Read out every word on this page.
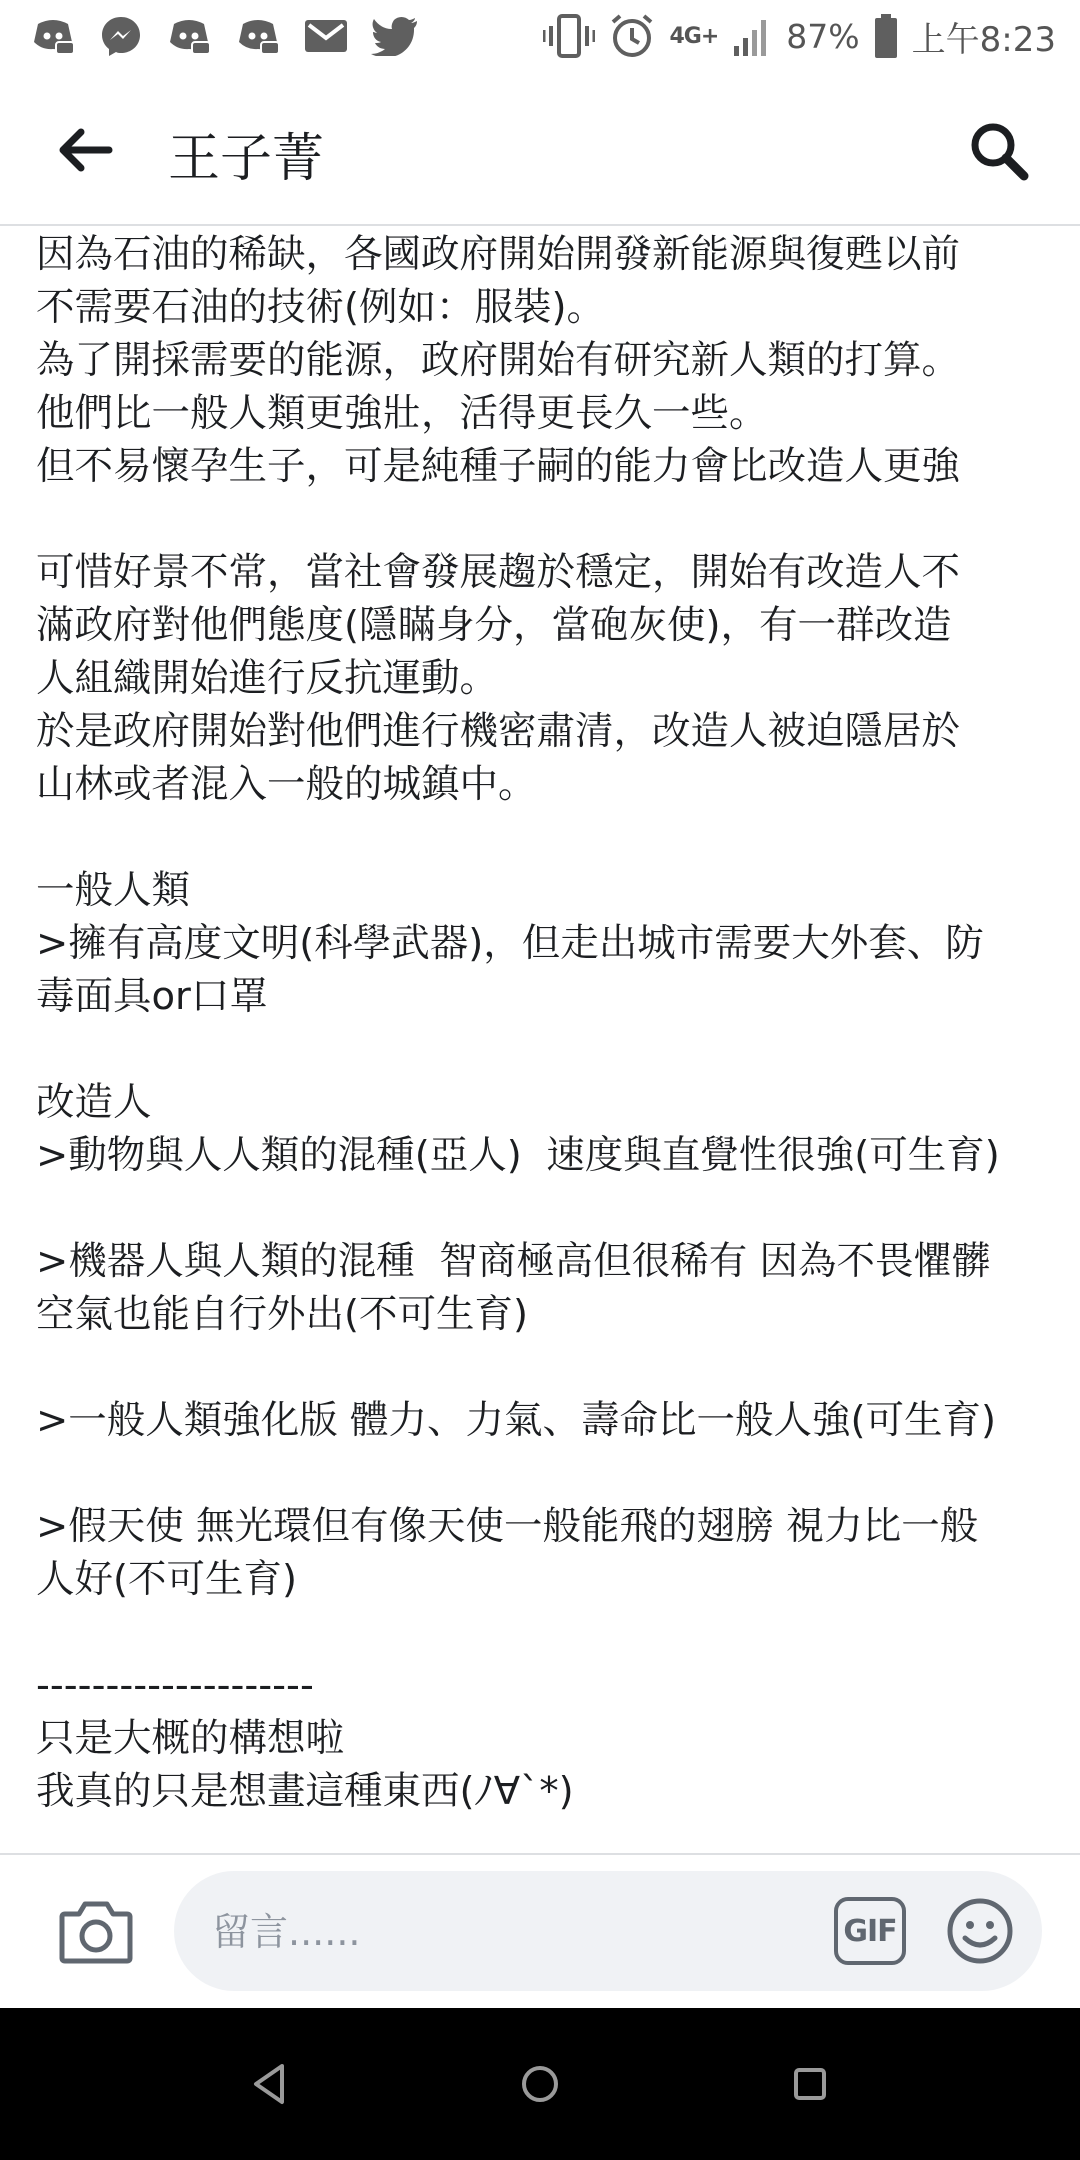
4G+ 87% 上午8:23
王子菁

因為石油的稀缺，各國政府開始開發新能源與復甦以前

不需要石油的技術(例如：服裝)。

為了開採需要的能源，政府開始有研究新人類的打算。

他們比一般人類更強壯，活得更長久一些。

但不易懷孕生子，可是純種子嗣的能力會比改造人更強

可惜好景不常，當社會發展趨於穩定，開始有改造人不

滿政府對他們態度(隱瞞身分，當砲灰使)，有一群改造

人組織開始進行反抗運動。

於是政府開始對他們進行機密肅清，改造人被迫隱居於

山林或者混入一般的城鎮中。

一般人類

>擁有高度文明(科學武器)，但走出城市需要大外套、防

毒面具or口罩

改造人

>動物與人人類的混種(亞人)  速度與直覺性很強(可生育)

>機器人與人類的混種  智商極高但很稀有 因為不畏懼髒

空氣也能自行外出(不可生育)

>一般人類強化版 體力、力氣、壽命比一般人強(可生育)

>假天使 無光環但有像天使一般能飛的翅膀 視力比一般

人好(不可生育)

--------------------

只是大概的構想啦

我真的只是想畫這種東西(ﾉ∀`*)

留言......
GIF
